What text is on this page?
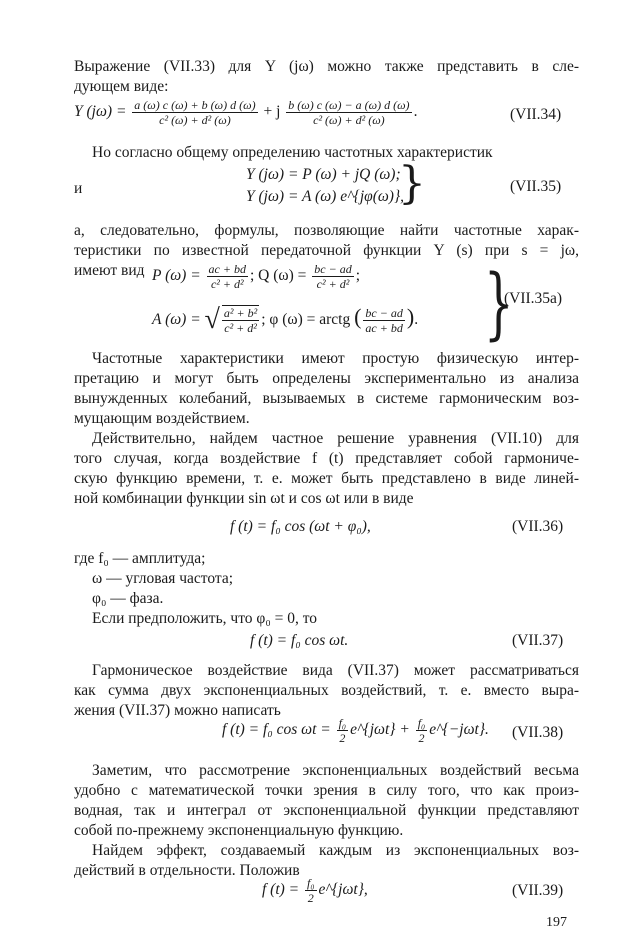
Выражение (VII.33) для Y (jω) можно также представить в сле-
дующем виде:
Y $(j\omega) = \frac{a (\omega) c (\omega) + b (\omega) d (\omega)}{\text{c² (ω) + d² (ω)}} + j \frac{b (\omega) c (\omega) - a (\omega) d (\omega)}{\text{c² (ω) + d² (ω)}}$ .	(VII.34)
Но согласно общему определению частотных характеристик
и
Y (jω) = P (ω) + jQ (ω);
Y (jω) = A (ω) e^{jφ(ω)},
}	(VII.35)
а, следовательно, формулы, позволяющие найти частотные харак-
теристики по известной передаточной функции Y (s) при s = jω,
имеют вид P $(\omega) = \frac{ac + bd}{\text{c² + d²}}$ ; Q $(\omega) = \frac{bc - ad}{\text{c² + d²}}$ ;
A (ω) = √ $\frac{\text{a² + b²}}{\text{c² + d²}}$ ; φ (ω) = arctg ( $\frac{bc - ad}{ac + bd}$ ). }
(VII.35a)
Частотные характеристики имеют простую физическую интер-
претацию и могут быть определены экспериментально из анализа
вынужденных колебаний, вызываемых в системе гармоническим воз-
мущающим воздействием.
Действительно, найдем частное решение уравнения (VII.10) для
того случая, когда воздействие f (t) представляет собой гармониче-
скую функцию времени, т. е. может быть представлено в виде линей-
ной комбинации функции sin ωt и cos ωt или в виде
f (t) = f₀ cos (ωt + φ₀),	(VII.36)
где f₀ — амплитуда;
ω — угловая частота;
φ₀ — фаза.
Если предположить, что φ₀ = 0, то
f (t) = f₀ cos ωt.	(VII.37)
Гармоническое воздействие вида (VII.37) может рассматриваться
как сумма двух экспоненциальных воздействий, т. е. вместо выра-
жения (VII.37) можно написать
f (t) = f₀ $\cos \omega t = \frac{\text{f₀}}{2}$ e^{jωt} + $\frac{\text{f₀}}{2}$ e^{−jωt}. (VII.38)
Заметим, что рассмотрение экспоненциальных воздействий весьма
удобно с математической точки зрения в силу того, что как произ-
водная, так и интеграл от экспоненциальной функции представляют
собой по-прежнему экспоненциальную функцию.
Найдем эффект, создаваемый каждым из экспоненциальных воз-
действий в отдельности. Положив
f $(t) = \frac{\text{f₀}}{2}$ e^{jωt},	(VII.39)
197
